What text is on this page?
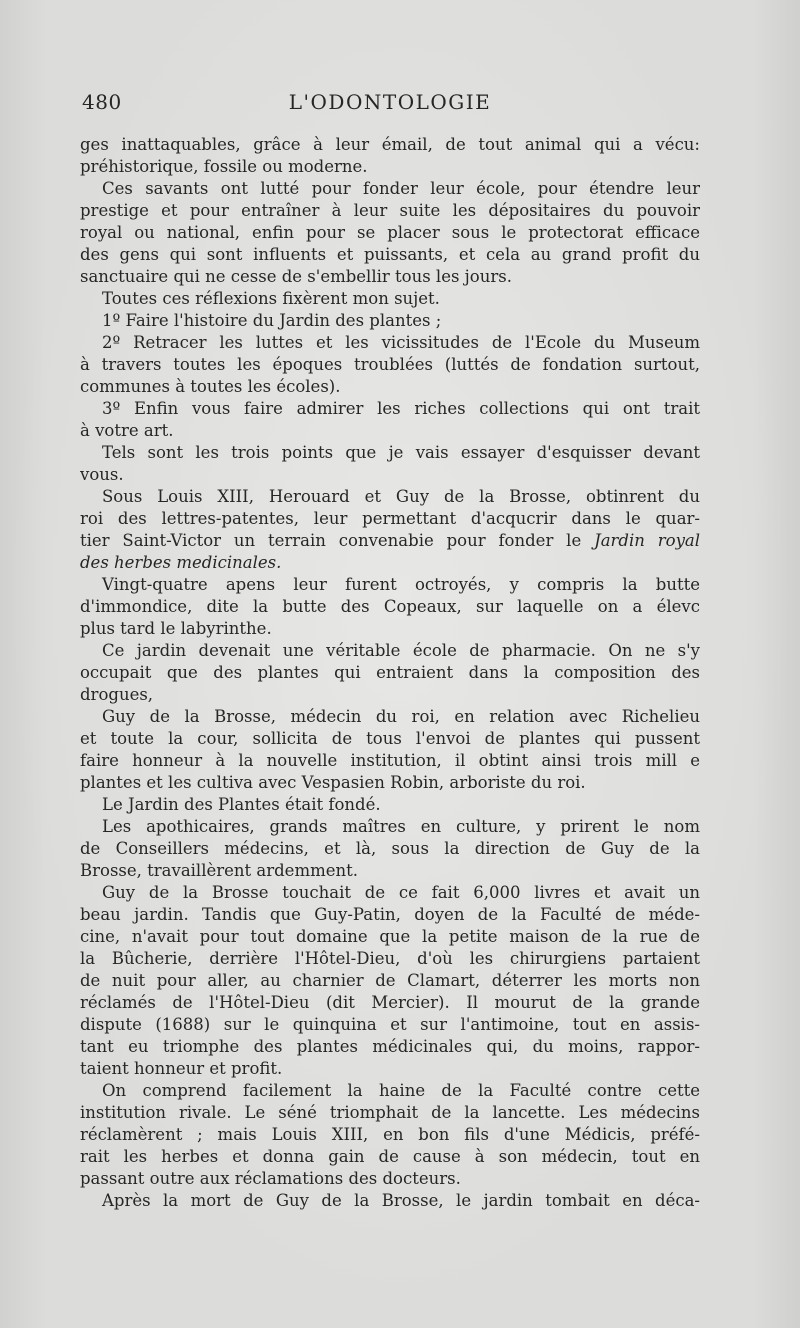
480	L'ODONTOLOGIE
ges inattaquables, grâce à leur émail, de tout animal qui a vécu:
préhistorique, fossile ou moderne.
Ces savants ont lutté pour fonder leur école, pour étendre leur
prestige et pour entraîner à leur suite les dépositaires du pouvoir
royal ou national, enfin pour se placer sous le protectorat efficace
des gens qui sont influents et puissants, et cela au grand profit du
sanctuaire qui ne cesse de s'embellir tous les jours.
Toutes ces réflexions fixèrent mon sujet.
1º Faire l'histoire du Jardin des plantes ;
2º Retracer les luttes et les vicissitudes de l'Ecole du Museum
à travers toutes les époques troublées (luttés de fondation surtout,
communes à toutes les écoles).
3º Enfin vous faire admirer les riches collections qui ont trait
à votre art.
Tels sont les trois points que je vais essayer d'esquisser devant
vous.
Sous Louis XIII, Herouard et Guy de la Brosse, obtinrent du
roi des lettres-patentes, leur permettant d'acqucrir dans le quar-
tier Saint-Victor un terrain convenabie pour fonder le Jardin royal
des herbes medicinales.
Vingt-quatre apens leur furent octroyés, y compris la butte
d'immondice, dite la butte des Copeaux, sur laquelle on a élevc
plus tard le labyrinthe.
Ce jardin devenait une véritable école de pharmacie. On ne s'y
occupait que des plantes qui entraient dans la composition des
drogues,
Guy de la Brosse, médecin du roi, en relation avec Richelieu
et toute la cour, sollicita de tous l'envoi de plantes qui pussent
faire honneur à la nouvelle institution, il obtint ainsi trois mill e
plantes et les cultiva avec Vespasien Robin, arboriste du roi.
Le Jardin des Plantes était fondé.
Les apothicaires, grands maîtres en culture, y prirent le nom
de Conseillers médecins, et là, sous la direction de Guy de la
Brosse, travaillèrent ardemment.
Guy de la Brosse touchait de ce fait 6,000 livres et avait un
beau jardin. Tandis que Guy-Patin, doyen de la Faculté de méde-
cine, n'avait pour tout domaine que la petite maison de la rue de
la Bûcherie, derrière l'Hôtel-Dieu, d'où les chirurgiens partaient
de nuit pour aller, au charnier de Clamart, déterrer les morts non
réclamés de l'Hôtel-Dieu (dit Mercier). Il mourut de la grande
dispute (1688) sur le quinquina et sur l'antimoine, tout en assis-
tant eu triomphe des plantes médicinales qui, du moins, rappor-
taient honneur et profit.
On comprend facilement la haine de la Faculté contre cette
institution rivale. Le séné triomphait de la lancette. Les médecins
réclamèrent ; mais Louis XIII, en bon fils d'une Médicis, préfé-
rait les herbes et donna gain de cause à son médecin, tout en
passant outre aux réclamations des docteurs.
Après la mort de Guy de la Brosse, le jardin tombait en déca-
